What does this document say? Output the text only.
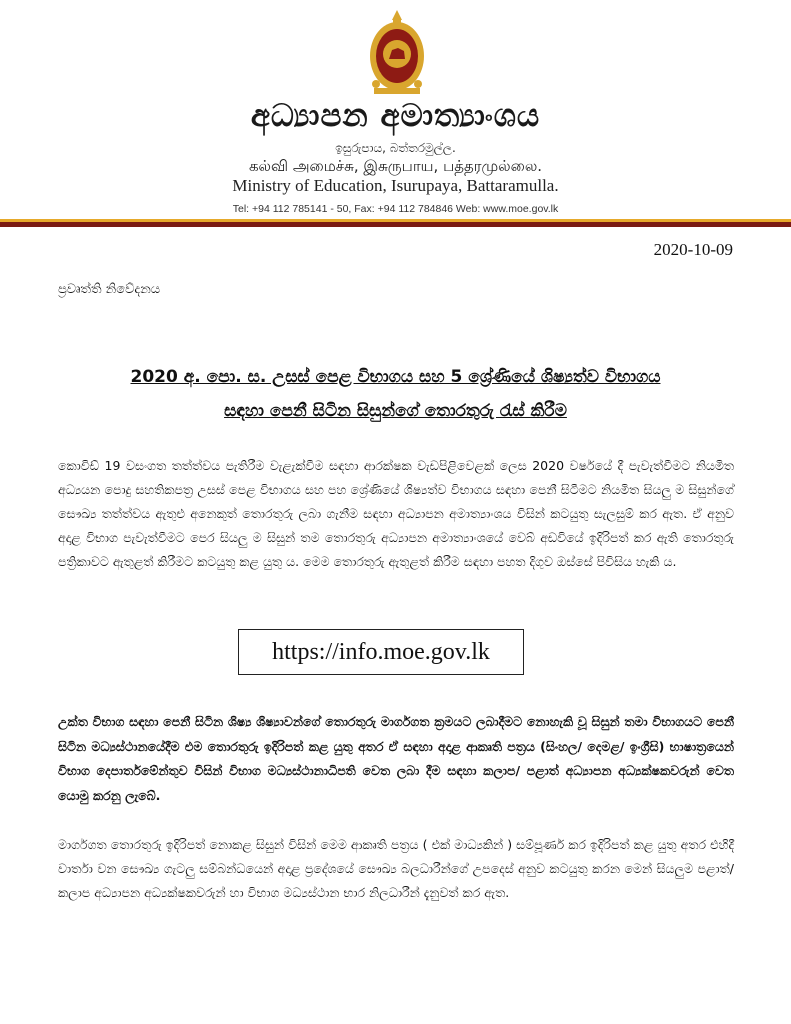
අධ්‍යාපන අමාත්‍යාංශය
ඉසුරුපාය, බත්තරමුල්ල.
கல்வி அமைச்சு, இசுருபாய, பத்தரமுல்லை.
Ministry of Education, Isurupaya, Battaramulla.
Tel: +94 112 785141 - 50, Fax: +94 112 784846 Web: www.moe.gov.lk
2020-10-09
ප්‍රවෘත්ති නිවේදනය
2020 අ. පො. ස. උසස් පෙළ විභාගය සහ 5 ශ්‍රේණියේ ශිෂ්‍යත්ව විභාගය
සඳහා පෙනී සිටින සිසුන්ගේ තොරතුරු රැස් කිරීම

කොවිඩ් 19 වසංගත තත්ත්වය පැතිරීම වැළැක්වීම සඳහා ආරක්ෂක වැඩපිළිවෙළක් ලෙස 2020 වර්ෂයේ දී පැවැත්වීමට නියමිත අධ්‍යයන පොදු සහතිකපත්‍ර උසස් පෙළ විභාගය සහ පහ ශ්‍රේණියේ ශිෂ්‍යත්ව විභාගය සඳහා පෙනී සිටීමට නියමිත සියලු ම සිසුන්ගේ සෞඛ්‍ය තත්ත්වය ඇතුළු අනෙකුත් තොරතුරු ලබා ගැනීම සඳහා අධ්‍යාපන අමාත්‍යාංශය විසින් කටයුතු සැලසුම් කර ඇත. ඒ අනුව අදාළ විභාග පැවැත්වීමට පෙර සියලු ම සිසුන් තම තොරතුරු අධ්‍යාපන අමාත්‍යාංශයේ වෙබ් අඩවියේ ඉදිරිපත් කර ඇති තොරතුරු පත්‍රිකාවට ඇතුළත් කිරීමට කටයුතු කළ යුතු ය. මෙම තොරතුරු ඇතුළත් කිරීම සඳහා පහත දිගුව ඔස්සේ පිවිසිය හැකි ය.

https://info.moe.gov.lk

උක්ත විභාග සඳහා පෙනී සිටින ශිෂ්‍ය ශිෂ්‍යාවන්ගේ තොරතුරු මාර්ගගත ක්‍රමයට ලබාදීමට නොහැකි වූ සිසුන් තමා විභාගයට පෙනී සිටින මධ්‍යස්ථානයේදීම එම තොරතුරු ඉදිරිපත් කළ යුතු අතර ඒ සඳහා අදාළ ආකෘති පත්‍රය (සිංහල/ දෙමළ/ ඉංග්‍රීසි) භාෂාත්‍රයෙන් විභාග දෙපාර්තමේන්තුව විසින් විභාග මධ්‍යස්ථානාධිපති වෙත ලබා දීම සඳහා කලාප/ පළාත් අධ්‍යාපන අධ්‍යක්ෂකවරුන් වෙත යොමු කරනු ලැබේ.

මාර්ගගත තොරතුරු ඉදිරිපත් නොකළ සිසුන් විසින් මෙම ආකෘති පත්‍රය ( එක් මාධ්‍යකින් ) සම්පූර්ණ කර ඉදිරිපත් කළ යුතු අතර එහිදී වාර්තා වන සෞඛ්‍ය ගැටලු සම්බන්ධයෙන් අදාළ ප්‍රදේශයේ සෞඛ්‍ය බලධාරීන්ගේ උපදෙස් අනුව කටයුතු කරන මෙන් සියලුම පළාත්/කලාප අධ්‍යාපන අධ්‍යක්ෂකවරුන් හා විභාග මධ්‍යස්ථාන භාර නිලධාරීන් දැනුවත් කර ඇත.
